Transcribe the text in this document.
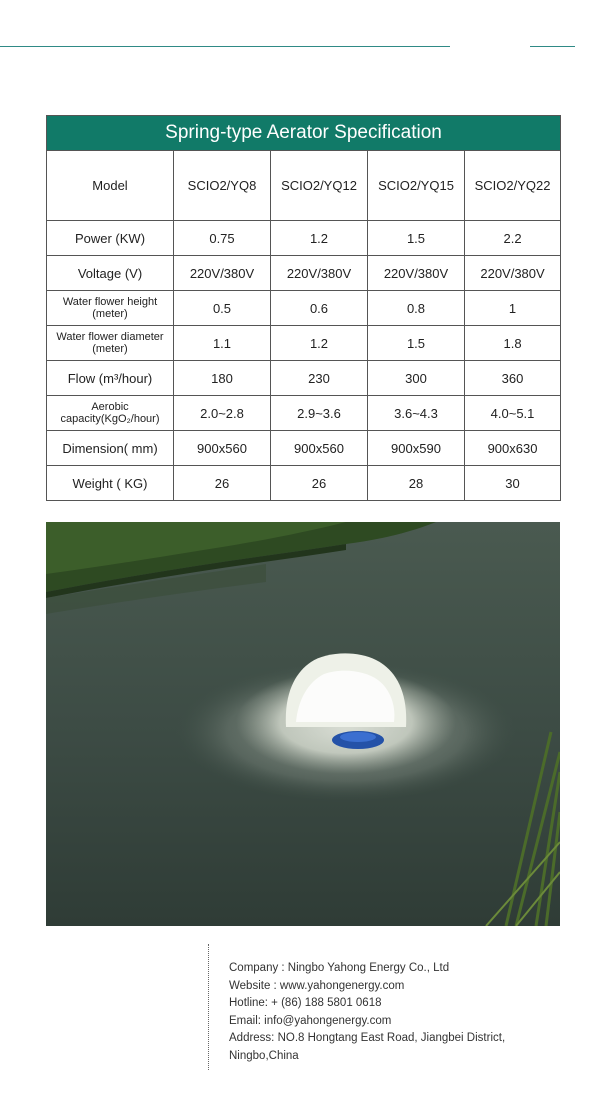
Spring-type Aerator Specification				
Model	SCIO2/YQ8	SCIO2/YQ12	SCIO2/YQ15	SCIO2/YQ22
Power (KW)	0.75	1.2	1.5	2.2
Voltage (V)	220V/380V	220V/380V	220V/380V	220V/380V
Water flower height (meter)	0.5	0.6	0.8	1
Water flower diameter (meter)	1.1	1.2	1.5	1.8
Flow (m³/hour)	180	230	300	360
Aerobic capacity(KgO₂/hour)	2.0~2.8	2.9~3.6	3.6~4.3	4.0~5.1
Dimension( mm)	900x560	900x560	900x590	900x630
Weight ( KG)	26	26	28	30
Company : Ningbo Yahong Energy Co., Ltd
Website : www.yahongenergy.com
Hotline: + (86) 188 5801 0618
Email: info@yahongenergy.com
Address: NO.8 Hongtang East Road, Jiangbei District,
Ningbo,China
